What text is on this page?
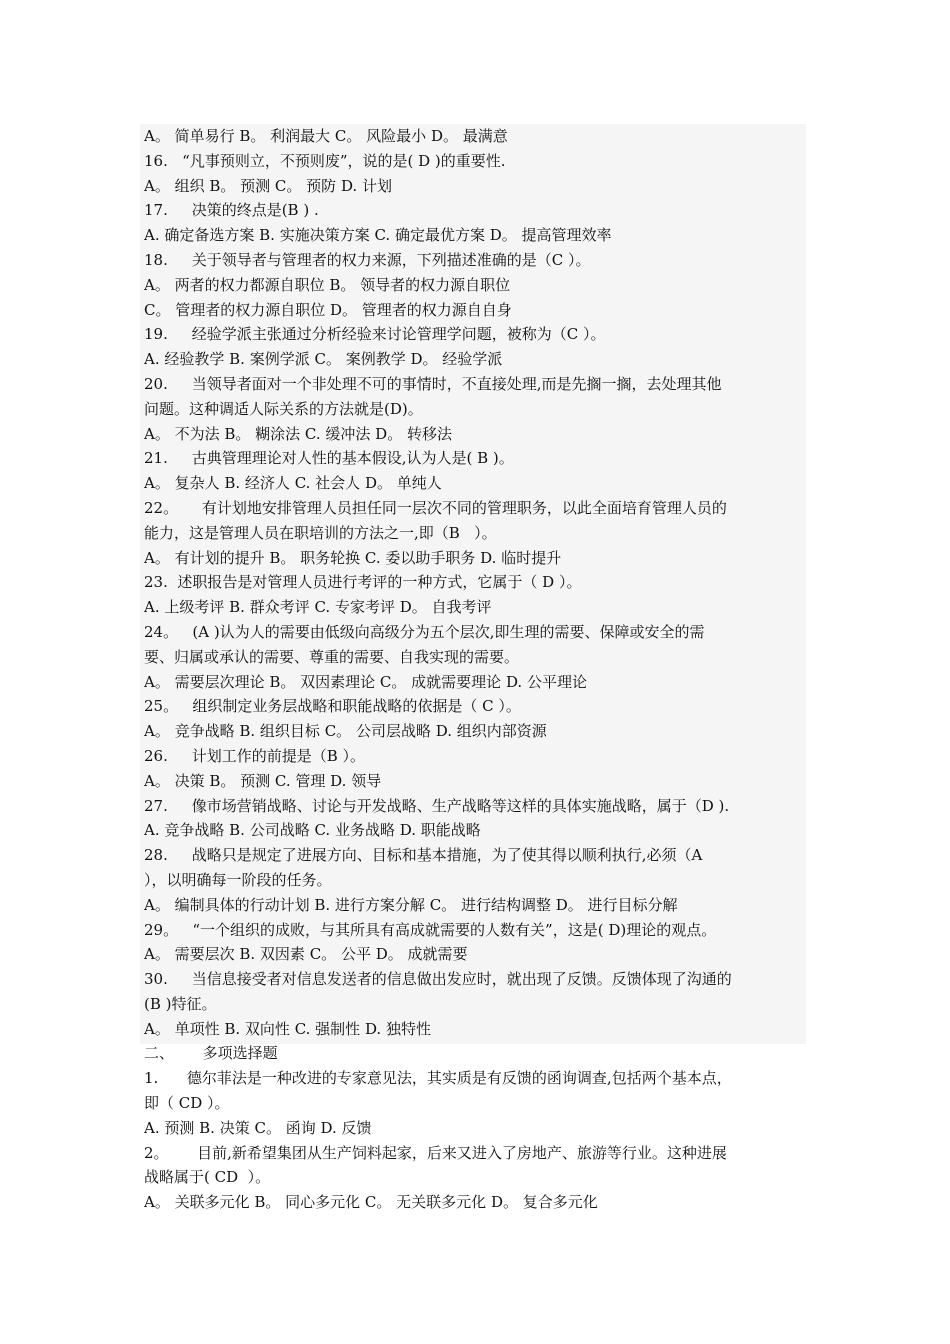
A。 简单易行 B。 利润最大 C。 风险最小 D。 最满意
16.   “凡事预则立，不预则废”，说的是( D )的重要性.
A。 组织 B。 预测 C。 预防 D. 计划
17.     决策的终点是(B ) .
A. 确定备选方案 B. 实施决策方案 C. 确定最优方案 D。 提高管理效率
18.     关于领导者与管理者的权力来源，下列描述准确的是（C ）。
A。 两者的权力都源自职位 B。 领导者的权力源自职位
C。 管理者的权力源自职位 D。 管理者的权力源自自身
19.     经验学派主张通过分析经验来讨论管理学问题，被称为（C ）。
A. 经验教学 B. 案例学派 C。 案例教学 D。 经验学派
20.     当领导者面对一个非处理不可的事情时，不直接处理,而是先搁一搁，去处理其他
问题。这种调适人际关系的方法就是(D)。
A。 不为法 B。 糊涂法 C. 缓冲法 D。 转移法
21.     古典管理理论对人性的基本假设,认为人是( B )。
A。 复杂人 B. 经济人 C. 社会人 D。 单纯人
22。     有计划地安排管理人员担任同一层次不同的管理职务，以此全面培育管理人员的
能力，这是管理人员在职培训的方法之一,即（B   ）。
A。 有计划的提升 B。 职务轮换 C. 委以助手职务 D. 临时提升
23.  述职报告是对管理人员进行考评的一种方式，它属于（ D ）。
A. 上级考评 B. 群众考评 C. 专家考评 D。 自我考评
24。   (A )认为人的需要由低级向高级分为五个层次,即生理的需要、保障或安全的需
要、归属或承认的需要、尊重的需要、自我实现的需要。
A。 需要层次理论 B。 双因素理论 C。 成就需要理论 D. 公平理论
25。   组织制定业务层战略和职能战略的依据是（ C ）。
A。 竞争战略 B. 组织目标 C。 公司层战略 D. 组织内部资源
26.     计划工作的前提是（B ）。
A。 决策 B。 预测 C. 管理 D. 领导
27.     像市场营销战略、讨论与开发战略、生产战略等这样的具体实施战略，属于（D ).
A. 竞争战略 B. 公司战略 C. 业务战略 D. 职能战略
28.     战略只是规定了进展方向、目标和基本措施，为了使其得以顺利执行,必须（A
），以明确每一阶段的任务。
A。 编制具体的行动计划 B. 进行方案分解 C。 进行结构调整 D。 进行目标分解
29。   “一个组织的成败，与其所具有高成就需要的人数有关”，这是( D)理论的观点。
A。 需要层次 B. 双因素 C。 公平 D。 成就需要
30.     当信息接受者对信息发送者的信息做出发应时，就出现了反馈。反馈体现了沟通的
(B )特征。
A。 单项性 B. 双向性 C. 强制性 D. 独特性
二、      多项选择题
1.      德尔菲法是一种改进的专家意见法，其实质是有反馈的函询调查,包括两个基本点，
即（ CD ）。
A. 预测 B. 决策 C。 函询 D. 反馈
2。      目前,新希望集团从生产饲料起家，后来又进入了房地产、旅游等行业。这种进展
战略属于( CD  ）。
A。 关联多元化 B。 同心多元化 C。 无关联多元化 D。 复合多元化
